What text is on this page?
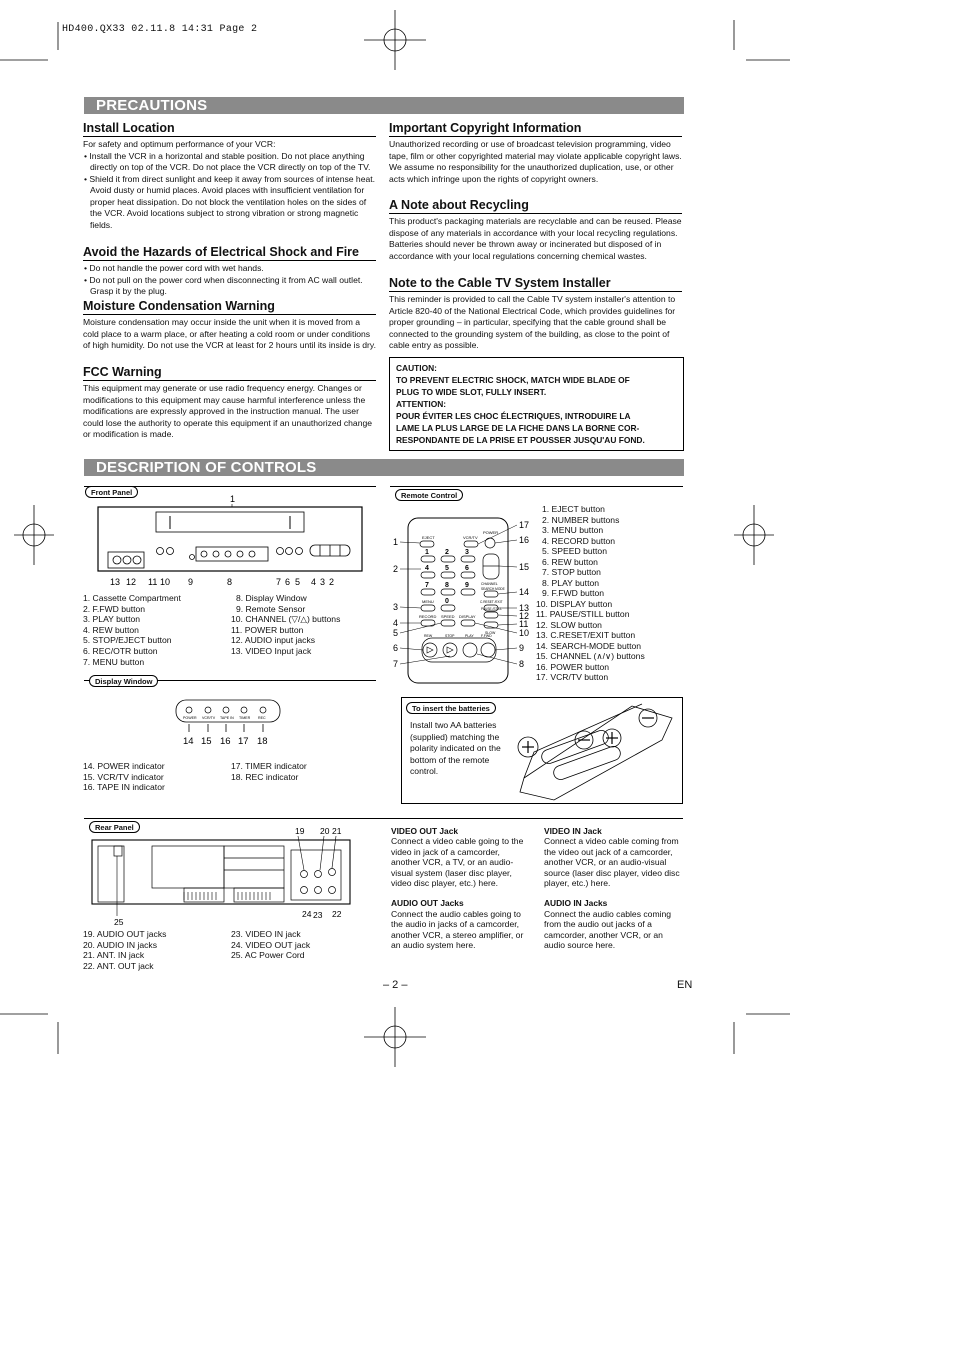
HD400.QX33 02.11.8 14:31 Page 2
PRECAUTIONS
Install Location

For safety and optimum performance of your VCR:

• Install the VCR in a horizontal and stable position. Do not place anything directly on top of the VCR. Do not place the VCR directly on top of the TV.
• Shield it from direct sunlight and keep it away from sources of intense heat. Avoid dusty or humid places. Avoid places with insufficient ventilation for proper heat dissipation. Do not block the ventilation holes on the sides of the VCR. Avoid locations subject to strong vibration or strong magnetic fields.
Avoid the Hazards of Electrical Shock and Fire
• Do not handle the power cord with wet hands.
• Do not pull on the power cord when disconnecting it from AC wall outlet. Grasp it by the plug.
Moisture Condensation Warning

Moisture condensation may occur inside the unit when it is moved from a cold place to a warm place, or after heating a cold room or under conditions of high humidity. Do not use the VCR at least for 2 hours until its inside is dry.

FCC Warning

This equipment may generate or use radio frequency energy. Changes or modifications to this equipment may cause harmful interference unless the modifications are expressly approved in the instruction manual. The user could lose the authority to operate this equipment if an unauthorized change or modification is made.

Important Copyright Information

Unauthorized recording or use of broadcast television programming, video tape, film or other copyrighted material may violate applicable copyright laws. We assume no responsibility for the unauthorized duplication, use, or other acts which infringe upon the rights of copyright owners.

A Note about Recycling

This product's packaging materials are recyclable and can be reused. Please dispose of any materials in accordance with your local recycling regulations. Batteries should never be thrown away or incinerated but disposed of in accordance with your local regulations concerning chemical wastes.

Note to the Cable TV System Installer

This reminder is provided to call the Cable TV system installer's attention to Article 820-40 of the National Electrical Code, which provides guidelines for proper grounding – in particular, specifying that the cable ground shall be connected to the grounding system of the building, as close to the point of cable entry as possible.

CAUTION:
TO PREVENT ELECTRIC SHOCK, MATCH WIDE BLADE OF
PLUG TO WIDE SLOT, FULLY INSERT.
ATTENTION:
POUR ÉVITER LES CHOC ÉLECTRIQUES, INTRODUIRE LA
LAME LA PLUS LARGE DE LA FICHE DANS LA BORNE COR-
RESPONDANTE DE LA PRISE ET POUSSER JUSQU'AU FOND.
DESCRIPTION OF CONTROLS
Front Panel
1
13 12 11 10 9	8	7 6 5 4 3 2
1. Cassette Compartment
2. F.FWD button
3. PLAY button
4. REW button
5. STOP/EJECT button
6. REC/OTR button
7. MENU button
8. Display Window
9. Remote Sensor
10. CHANNEL (▽/△) buttons
11. POWER button
12. AUDIO input jacks
13. VIDEO Input jack
Display Window
POWER VCR/TV TAPE IN TIMER REC
14 15 16 17 18
14. POWER indicator
15. VCR/TV indicator
16. TAPE IN indicator
17. TIMER indicator
18. REC indicator
Remote Control
1 2 3
4 5 6
7 8 9
0
EJECT	VCR/TV
POWER
CHANNEL
SEARCH MODE
MENU	C.RESET /EXIT
RECORD SPEED DISPLAY
PAUSE /STILL
SLOW
REW	STOP	PLAY F.FWD
1
2
3
4
5
6
7
17
16
15
14
13
12
11
10
9
8
1. EJECT button
2. NUMBER buttons
3. MENU button
4. RECORD button
5. SPEED button
6. REW button
7. STOP button
8. PLAY button
9. F.FWD button
10. DISPLAY button
11. PAUSE/STILL button
12. SLOW button
13. C.RESET/EXIT button
14. SEARCH-MODE button
15. CHANNEL (∧/∨) buttons
16. POWER button
17. VCR/TV button
To insert the batteries
Install two AA batteries (supplied) matching the polarity indicated on the bottom of the remote control.
Rear Panel	19 20 21
25
24 23 22
19. AUDIO OUT jacks
20. AUDIO IN jacks
21. ANT. IN jack
22. ANT. OUT jack
23. VIDEO IN jack
24. VIDEO OUT jack
25. AC Power Cord
VIDEO OUT Jack
Connect a video cable going to the video in jack of a camcorder, another VCR, a TV, or an audio-visual system (laser disc player, video disc player, etc.) here.
AUDIO OUT Jacks
Connect the audio cables going to the audio in jacks of a camcorder, another VCR, a stereo amplifier, or an audio system here.
VIDEO IN Jack
Connect a video cable coming from the video out jack of a camcorder, another VCR, or an audio-visual source (laser disc player, video disc player, etc.) here.
AUDIO IN Jacks
Connect the audio cables coming from the audio out jacks of a camcorder, another VCR, or an audio source here.
– 2 –	EN
